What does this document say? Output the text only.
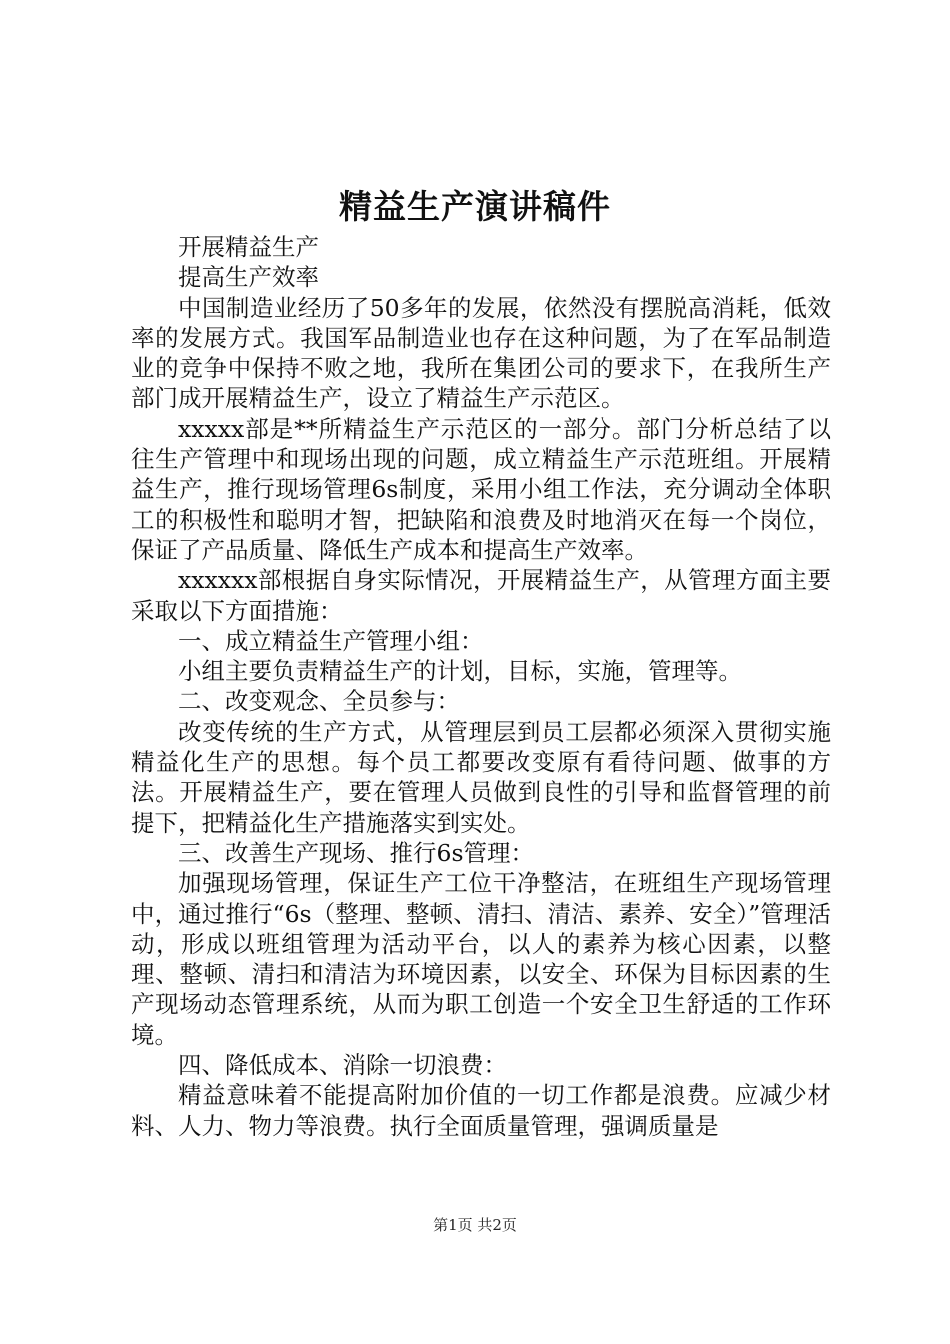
精益生产演讲稿件

开展精益生产

提高生产效率

中国制造业经历了50多年的发展，依然没有摆脱高消耗，低效率的发展方式。我国军品制造业也存在这种问题，为了在军品制造业的竞争中保持不败之地，我所在集团公司的要求下，在我所生产部门成开展精益生产，设立了精益生产示范区。

xxxxx部是**所精益生产示范区的一部分。部门分析总结了以往生产管理中和现场出现的问题，成立精益生产示范班组。开展精益生产，推行现场管理6s制度，采用小组工作法，充分调动全体职工的积极性和聪明才智，把缺陷和浪费及时地消灭在每一个岗位，保证了产品质量、降低生产成本和提高生产效率。

xxxxxx部根据自身实际情况，开展精益生产，从管理方面主要采取以下方面措施：

一、成立精益生产管理小组：

小组主要负责精益生产的计划，目标，实施，管理等。

二、改变观念、全员参与：

改变传统的生产方式，从管理层到员工层都必须深入贯彻实施精益化生产的思想。每个员工都要改变原有看待问题、做事的方法。开展精益生产，要在管理人员做到良性的引导和监督管理的前提下，把精益化生产措施落实到实处。

三、改善生产现场、推行6s管理：

加强现场管理，保证生产工位干净整洁，在班组生产现场管理中，通过推行“6s（整理、整顿、清扫、清洁、素养、安全）”管理活动，形成以班组管理为活动平台，以人的素养为核心因素，以整理、整顿、清扫和清洁为环境因素，以安全、环保为目标因素的生产现场动态管理系统，从而为职工创造一个安全卫生舒适的工作环境。

四、降低成本、消除一切浪费：

精益意味着不能提高附加价值的一切工作都是浪费。应减少材料、人力、物力等浪费。执行全面质量管理，强调质量是

第1页 共2页
